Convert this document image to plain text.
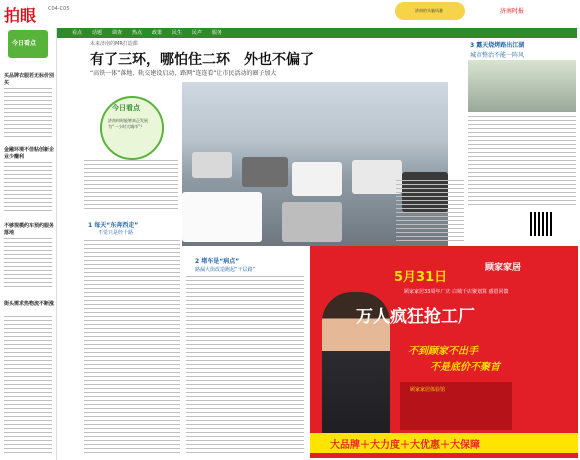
拍眼 C04-C05	济南的头脑风暴	济南时报
看点 话题 调查 热点 政策 民生 民声 服务
今日看点
买品牌衣服若无标价别买
金融环境不佳粘创新企业少赚利
不够规模约车预约服务落地
街头需求热物流不断涨
未来济南的MR打造都
有了三环，哪怕住二环　外也不偏了
“高铁一体”落地，轨交建设启动，路网“连连看”让市民活动的圈子加大
今日看点
济南何时能够真正发展为“一小时大城市”？
1 每天“东奔西走”
不觉只是经十路
2 堵车是“病点”
路漏大街改造跑起“干层路”
3 露天烧烤路出江湖
城市整治不能一阵风
5月31日
顾家家居
顾家家居33周年厂庆 白城千店聚划算 感恩回馈
万人疯狂抢工厂
不到顾家不出手
不是底价不聚首
顾家家居体验馆
大品牌＋大力度＋大优惠＋大保障
